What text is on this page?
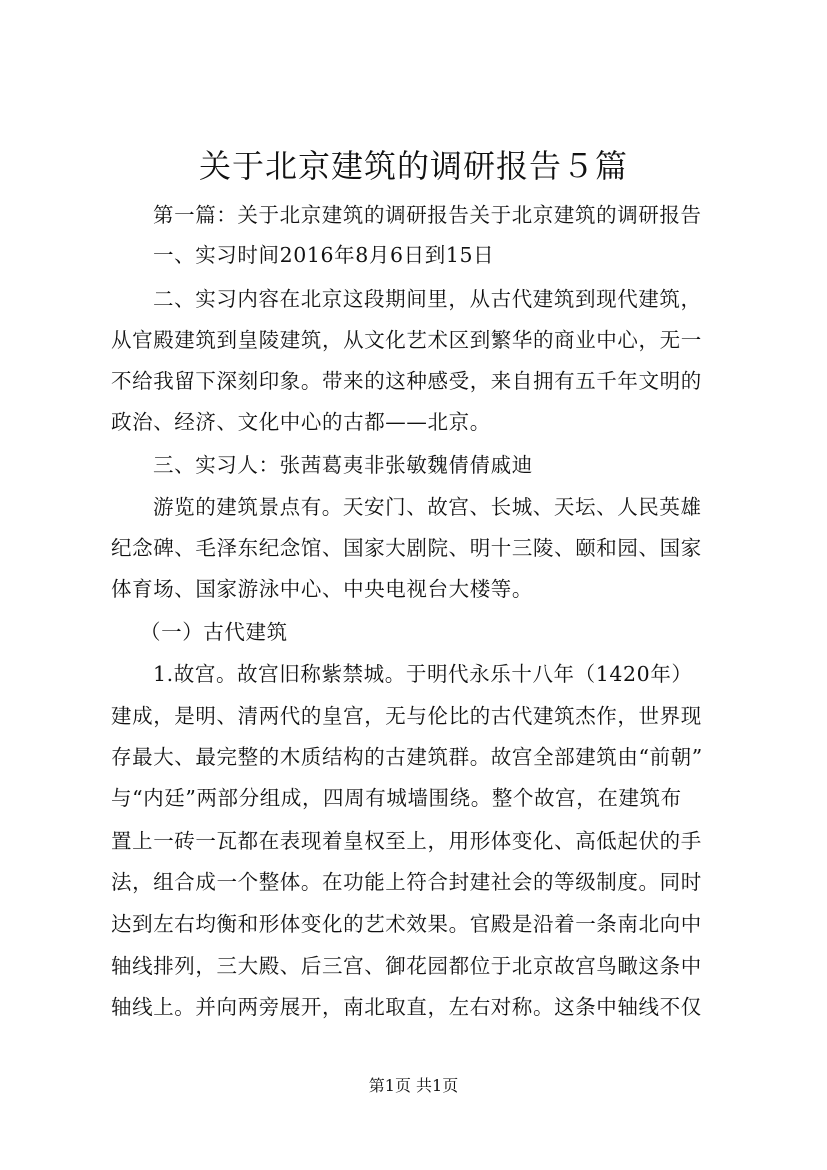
关于北京建筑的调研报告５篇
第一篇：关于北京建筑的调研报告关于北京建筑的调研报告
一、实习时间2016年8月6日到15日
二、实习内容在北京这段期间里，从古代建筑到现代建筑，
从官殿建筑到皇陵建筑，从文化艺术区到繁华的商业中心，无一
不给我留下深刻印象。带来的这种感受，来自拥有五千年文明的
政治、经济、文化中心的古都——北京。
三、实习人：张茜葛夷非张敏魏倩倩戚迪
游览的建筑景点有。天安门、故宫、长城、天坛、人民英雄
纪念碑、毛泽东纪念馆、国家大剧院、明十三陵、颐和园、国家
体育场、国家游泳中心、中央电视台大楼等。
（一）古代建筑
1.故宫。故宫旧称紫禁城。于明代永乐十八年（1420年）
建成，是明、清两代的皇宫，无与伦比的古代建筑杰作，世界现
存最大、最完整的木质结构的古建筑群。故宫全部建筑由“前朝”
与“内廷”两部分组成，四周有城墙围绕。整个故宫，在建筑布
置上一砖一瓦都在表现着皇权至上，用形体变化、高低起伏的手
法，组合成一个整体。在功能上符合封建社会的等级制度。同时
达到左右均衡和形体变化的艺术效果。官殿是沿着一条南北向中
轴线排列，三大殿、后三宫、御花园都位于北京故宫鸟瞰这条中
轴线上。并向两旁展开，南北取直，左右对称。这条中轴线不仅
第1页 共1页
